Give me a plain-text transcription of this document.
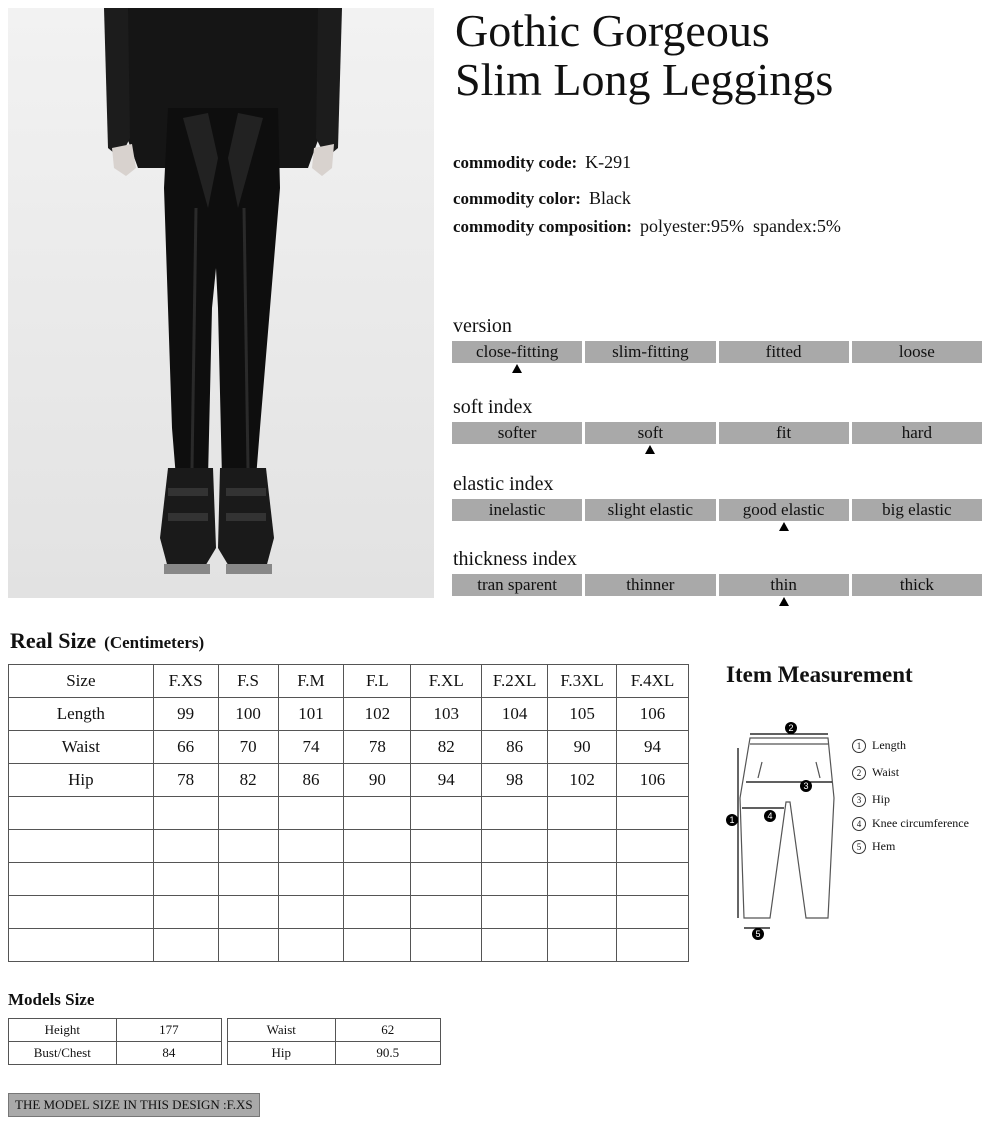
Gothic Gorgeous
Slim Long Leggings
commodity code: K-291
commodity color: Black
commodity composition: polyester:95%  spandex:5%
version
close-fitting	slim-fitting	fitted	loose
soft index
softer	soft	fit	hard
elastic index
inelastic	slight elastic	good elastic	big elastic
thickness index
tran sparent	thinner	thin	thick
Real Size (Centimeters)
Size	F.XS	F.S	F.M	F.L	F.XL	F.2XL	F.3XL	F.4XL
Length	99	100	101	102	103	104	105	106
Waist	66	70	74	78	82	86	90	94
Hip	78	82	86	90	94	98	102	106

Item Measurement
2
3
4
1
5
1 Length
2 Waist
3 Hip
4 Knee circumference
5 Hem
Models Size
Height	177
Bust/Chest	84
Waist	62
Hip	90.5
THE MODEL SIZE IN THIS DESIGN :F.XS
